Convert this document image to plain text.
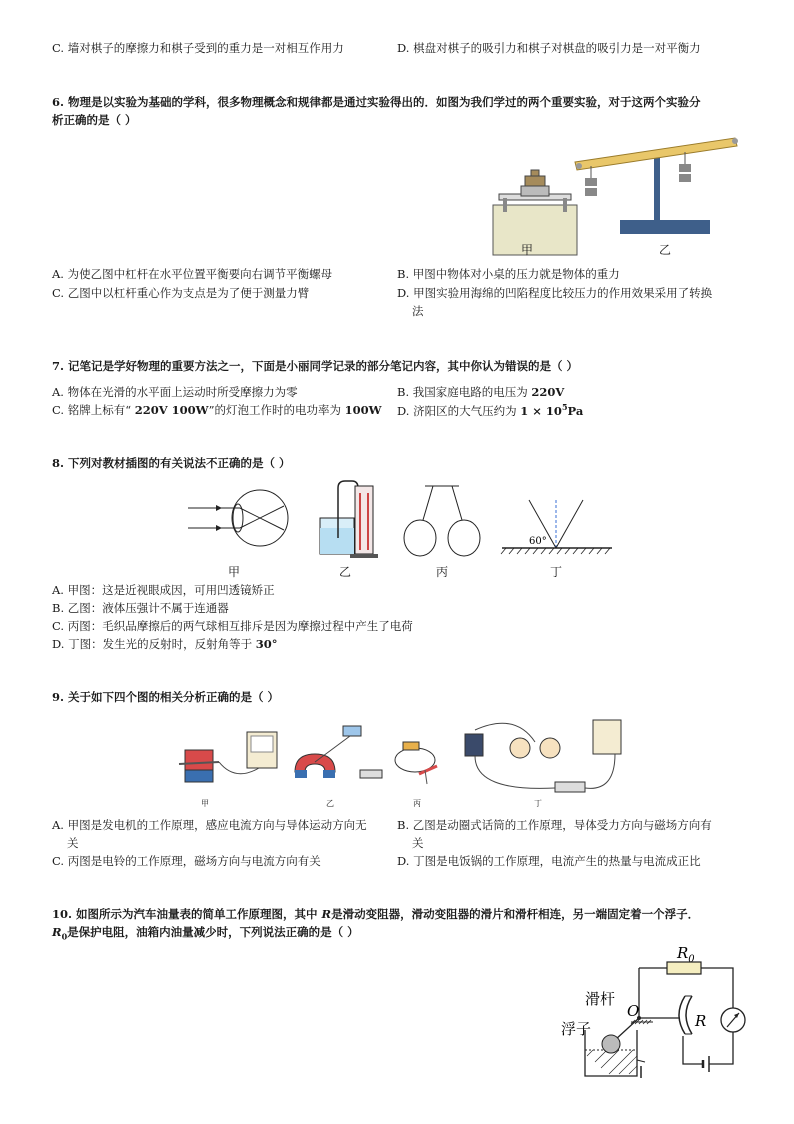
C. 墙对棋子的摩擦力和棋子受到的重力是一对相互作用力	D. 棋盘对棋子的吸引力和棋子对棋盘的吸引力是一对平衡力
6. 物理是以实验为基础的学科，很多物理概念和规律都是通过实验得出的．如图为我们学过的两个重要实验，对于这两个实验分
析正确的是（ ）
甲	乙
A. 为使乙图中杠杆在水平位置平衡要向右调节平衡螺母	B. 甲图中物体对小桌的压力就是物体的重力
C. 乙图中以杠杆重心作为支点是为了便于测量力臂	D. 甲图实验用海绵的凹陷程度比较压力的作用效果采用了转换
法
7. 记笔记是学好物理的重要方法之一，下面是小丽同学记录的部分笔记内容，其中你认为错误的是（ ）
A. 物体在光滑的水平面上运动时所受摩擦力为零	B. 我国家庭电路的电压为 220V
C. 铭牌上标有“ 220V 100W”的灯泡工作时的电功率为 100W D. 济阳区的大气压约为 $1 \times 10^5Pa$
8. 下列对教材插图的有关说法不正确的是（ ）
60°
甲	乙	丙	丁
A. 甲图：这是近视眼成因，可用凹透镜矫正
B. 乙图：液体压强计不属于连通器
C. 丙图：毛织品摩擦后的两气球相互排斥是因为摩擦过程中产生了电荷
D. 丁图：发生光的反射时，反射角等于 30°
9. 关于如下四个图的相关分析正确的是（ ）
甲	乙	丙	丁
A. 甲图是发电机的工作原理，感应电流方向与导体运动方向无
关
B. 乙图是动圈式话筒的工作原理，导体受力方向与磁场方向有
关
C. 丙图是电铃的工作原理，磁场方向与电流方向有关	D. 丁图是电饭锅的工作原理，电流产生的热量与电流成正比
10. 如图所示为汽车油量表的简单工作原理图，其中 R是滑动变阻器，滑动变阻器的滑片和滑杆相连，另一端固定着一个浮子．
$R_0$是保护电阻，油箱内油量减少时，下列说法正确的是（ ）
$R_0$
滑杆
O
R
浮子
